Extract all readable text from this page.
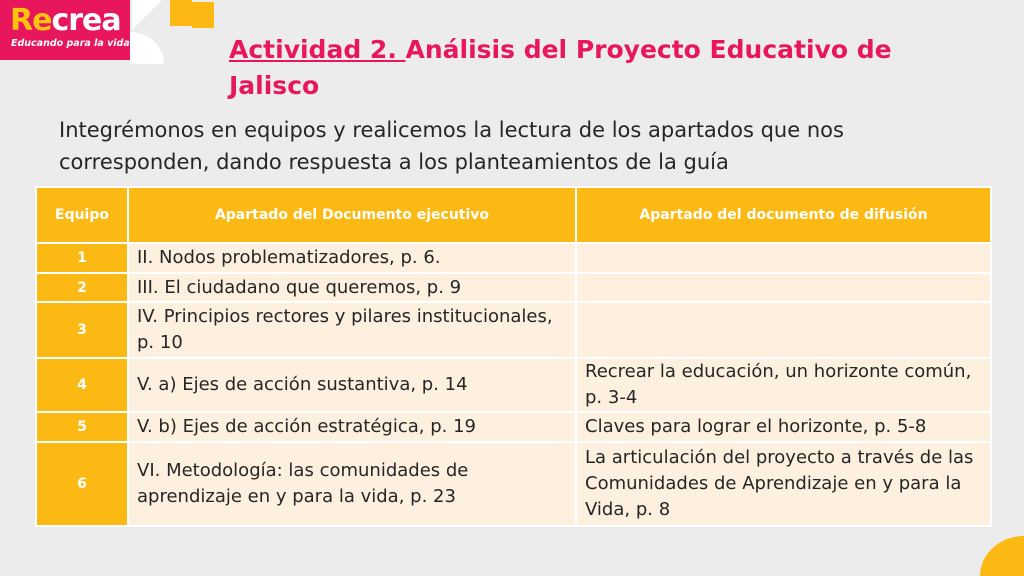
Recrea
Educando para la vida	Actividad 2. Análisis del Proyecto Educativo de Jalisco

Integrémonos en equipos y realicemos la lectura de los apartados que nos corresponden, dando respuesta a los planteamientos de la guía

Equipo	Apartado del Documento ejecutivo	Apartado del documento de difusión
1	II. Nodos problematizadores, p. 6.	
2	III. El ciudadano que queremos, p. 9	
3	IV. Principios rectores y pilares institucionales, p. 10	
4	V. a) Ejes de acción sustantiva, p. 14	Recrear la educación, un horizonte común, p. 3-4
5	V. b) Ejes de acción estratégica, p. 19	Claves para lograr el horizonte, p. 5-8
6	VI. Metodología: las comunidades de aprendizaje en y para la vida, p. 23	La articulación del proyecto a través de las Comunidades de Aprendizaje en y para la Vida, p. 8
